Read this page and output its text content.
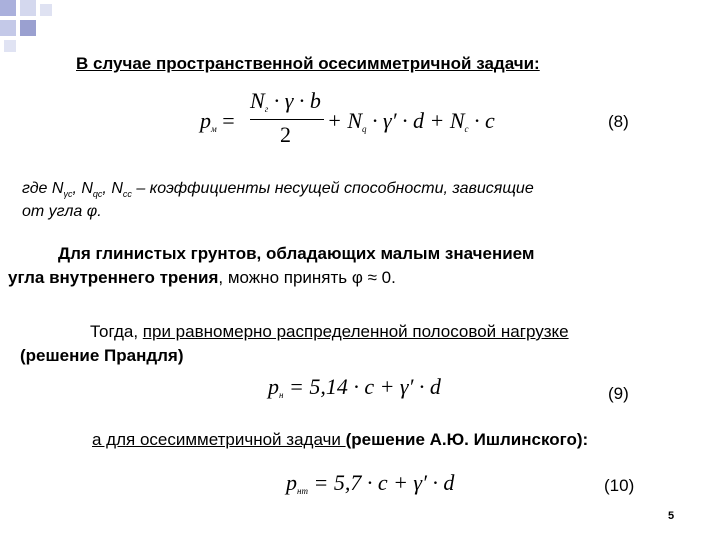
В случае пространственной осесимметричной задачи:
$p_м$ =
$N_г \cdot \gamma \cdot b$
2
+ $N_q \cdot \gamma' \cdot d + N_c \cdot c$	(8)
где $N_{\gamma c}$, $N_{qc}$, $N_{cc}$ – коэффициенты несущей способности, зависящие
от угла φ.
Для глинистых грунтов, обладающих малым значением
угла внутреннего трения, можно принять φ ≈ 0.
Тогда, при равномерно распределенной полосовой нагрузке
(решение Прандля)
$p_н = 5,14 \cdot c + \gamma' \cdot d$	(9)
а для осесимметричной задачи (решение А.Ю. Ишлинского):
$p_{нт} = 5,7 \cdot c + \gamma' \cdot d$	(10)
5
